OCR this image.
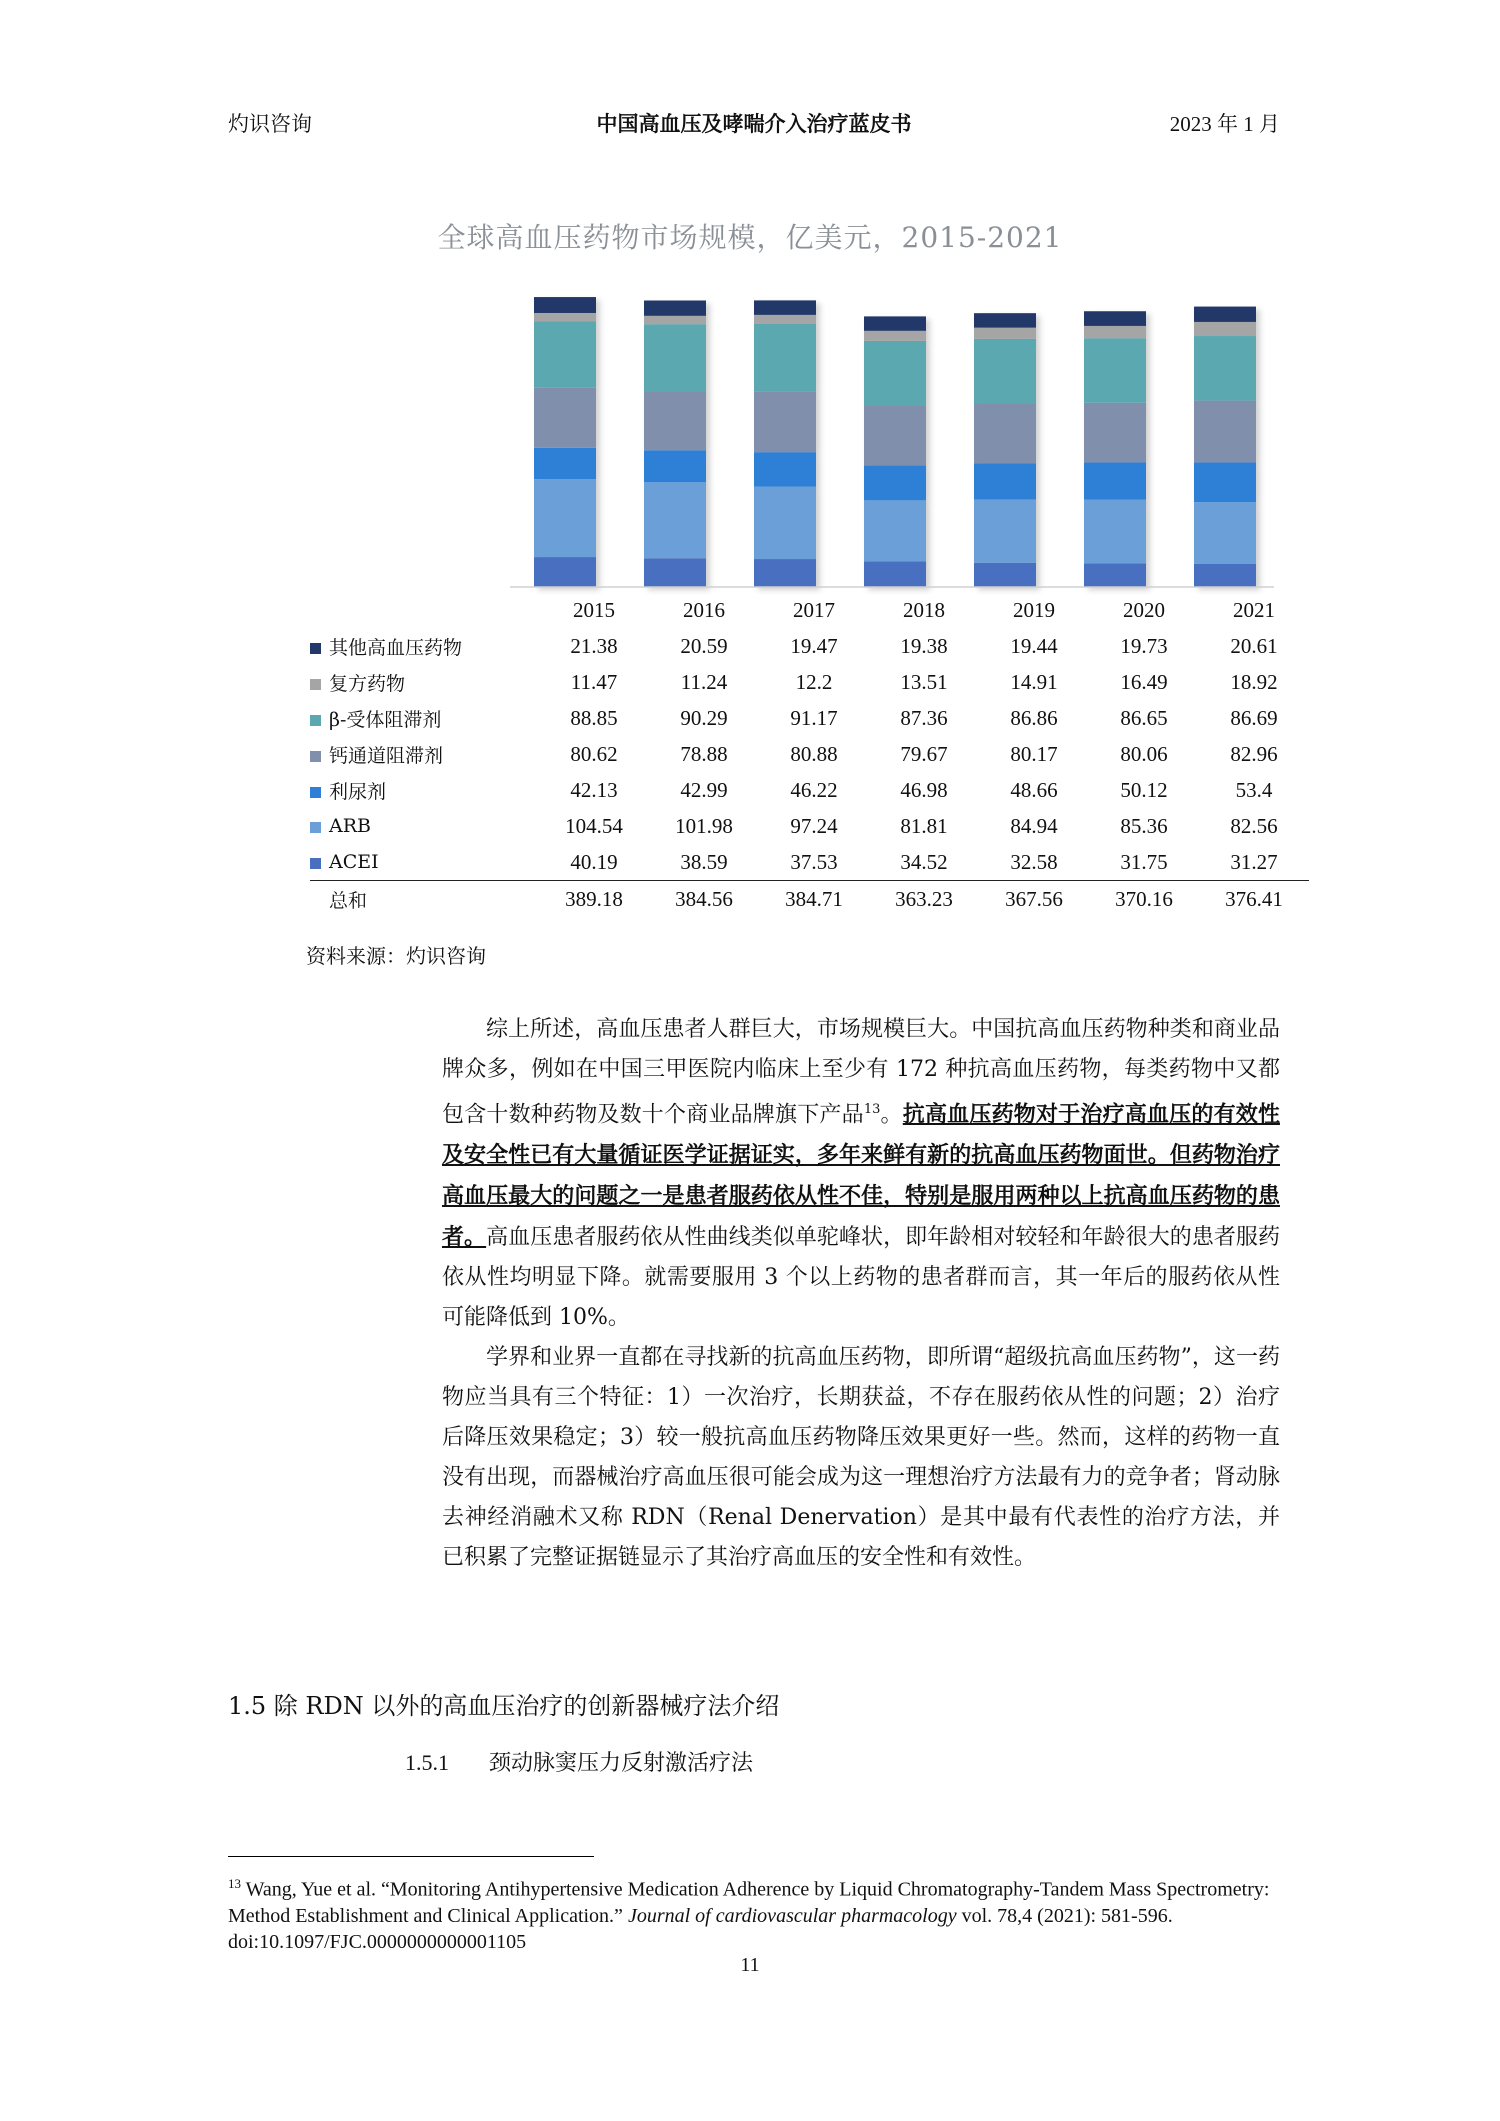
灼识咨询	中国高血压及哮喘介入治疗蓝皮书	2023 年 1 月
全球高血压药物市场规模，亿美元，2015-2021
	2015	2016	2017	2018	2019	2020	2021
其他高血压药物	21.38	20.59	19.47	19.38	19.44	19.73	20.61
复方药物	11.47	11.24	12.2	13.51	14.91	16.49	18.92
β-受体阻滞剂	88.85	90.29	91.17	87.36	86.86	86.65	86.69
钙通道阻滞剂	80.62	78.88	80.88	79.67	80.17	80.06	82.96
利尿剂	42.13	42.99	46.22	46.98	48.66	50.12	53.4
ARB	104.54	101.98	97.24	81.81	84.94	85.36	82.56
ACEI	40.19	38.59	37.53	34.52	32.58	31.75	31.27
总和	389.18	384.56	384.71	363.23	367.56	370.16	376.41
资料来源：灼识咨询

综上所述，高血压患者人群巨大，市场规模巨大。中国抗高血压药物种类和商业品牌众多，例如在中国三甲医院内临床上至少有 172 种抗高血压药物，每类药物中又都包含十数种药物及数十个商业品牌旗下产品$^{13}$。抗高血压药物对于治疗高血压的有效性及安全性已有大量循证医学证据证实，多年来鲜有新的抗高血压药物面世。但药物治疗高血压最大的问题之一是患者服药依从性不佳，特别是服用两种以上抗高血压药物的患者。高血压患者服药依从性曲线类似单驼峰状，即年龄相对较轻和年龄很大的患者服药依从性均明显下降。就需要服用 3 个以上药物的患者群而言，其一年后的服药依从性可能降低到 10%。

学界和业界一直都在寻找新的抗高血压药物，即所谓“超级抗高血压药物”，这一药物应当具有三个特征：1）一次治疗，长期获益，不存在服药依从性的问题；2）治疗后降压效果稳定；3）较一般抗高血压药物降压效果更好一些。然而，这样的药物一直没有出现，而器械治疗高血压很可能会成为这一理想治疗方法最有力的竞争者；肾动脉去神经消融术又称 RDN（Renal Denervation）是其中最有代表性的治疗方法，并已积累了完整证据链显示了其治疗高血压的安全性和有效性。

1.5 除 RDN 以外的高血压治疗的创新器械疗法介绍
1.5.1 颈动脉窦压力反射激活疗法
$^{13}$ Wang, Yue et al. “Monitoring Antihypertensive Medication Adherence by Liquid Chromatography-Tandem Mass Spectrometry: Method Establishment and Clinical Application.” Journal of cardiovascular pharmacology vol. 78,4 (2021): 581-596. doi:10.1097/FJC.0000000000001105
11
